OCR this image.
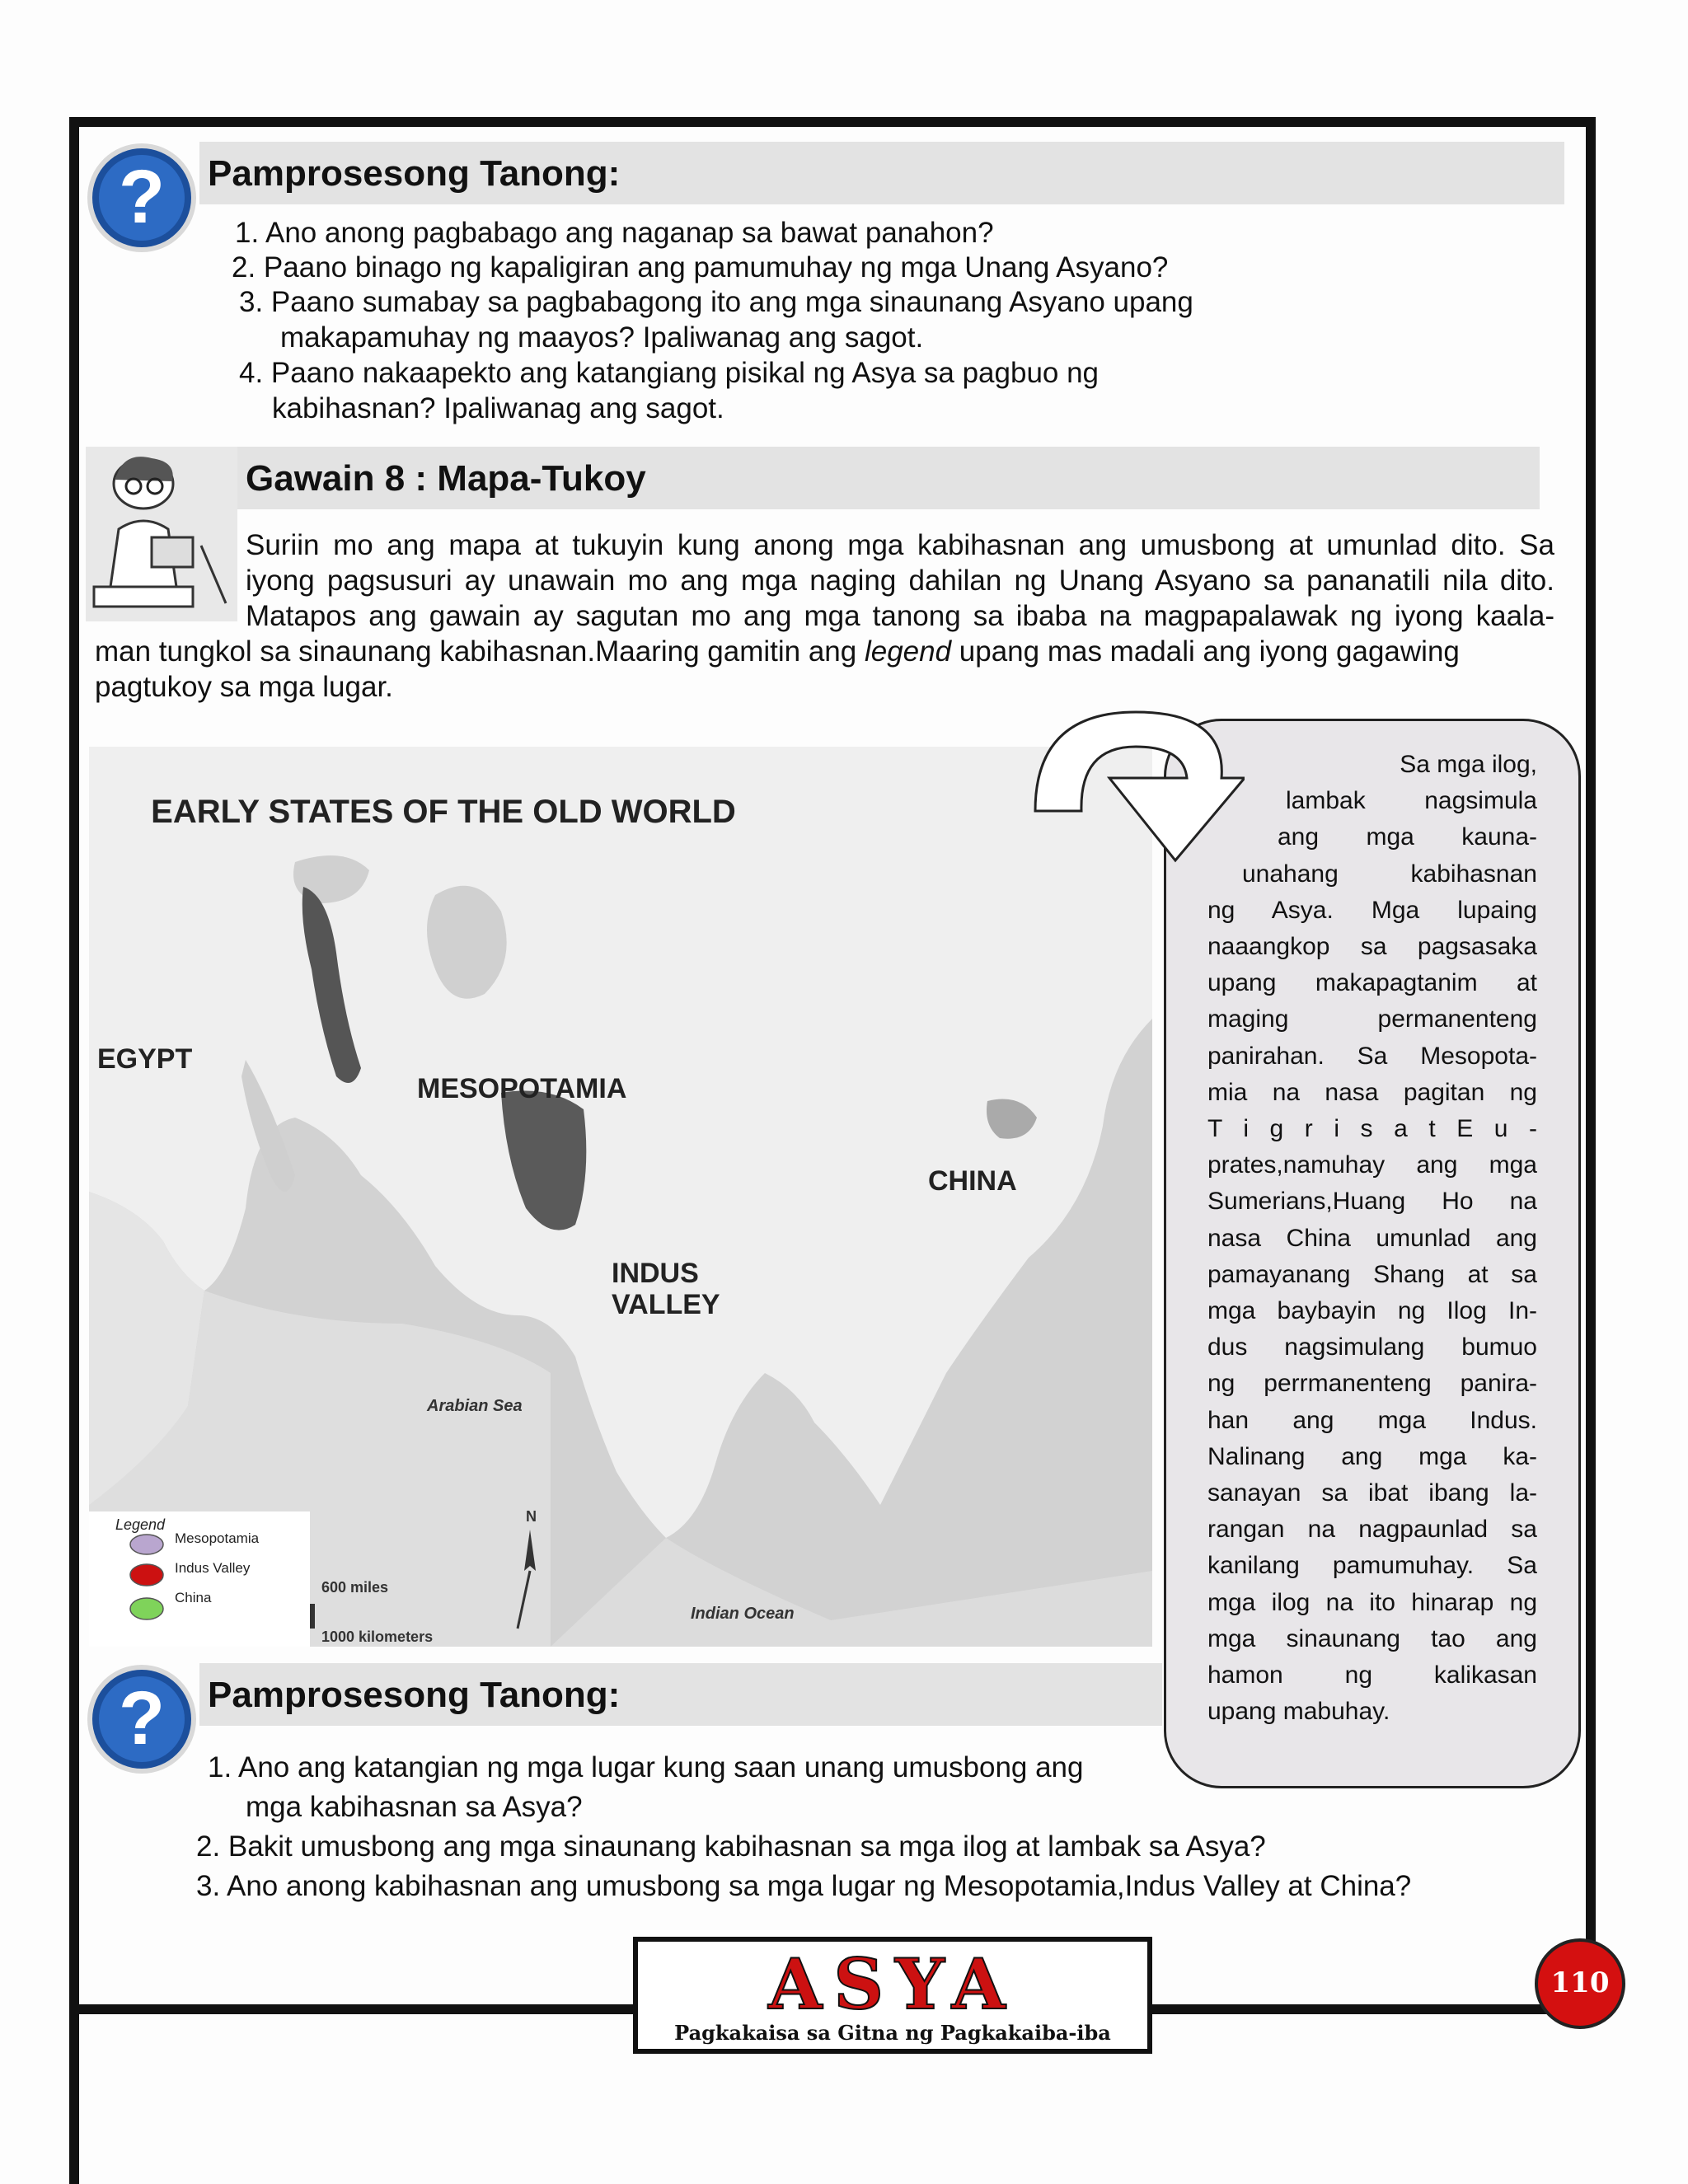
? Pamprosesong Tanong:
1. Ano anong pagbabago ang naganap sa bawat panahon?
2. Paano binago ng kapaligiran ang pamumuhay ng mga Unang Asyano?
3. Paano sumabay sa pagbabagong ito ang mga sinaunang Asyano upang
makapamuhay ng maayos? Ipaliwanag ang sagot.
4. Paano nakaapekto ang katangiang pisikal ng Asya sa pagbuo ng
kabihasnan? Ipaliwanag ang sagot.
Gawain 8 : Mapa-Tukoy
Suriin mo ang mapa at tukuyin kung anong mga kabihasnan ang umusbong at umunlad dito. Sa
iyong pagsusuri ay unawain mo ang mga naging dahilan ng Unang Asyano sa pananatili nila dito.
Matapos ang gawain ay sagutan mo ang mga tanong sa ibaba na magpapalawak ng iyong kaala-
man tungkol sa sinaunang kabihasnan.Maaring gamitin ang legend upang mas madali ang iyong gagawing
pagtukoy sa mga lugar.
EARLY STATES OF THE OLD WORLD
EGYPT
MESOPOTAMIA
CHINA
INDUS
VALLEY
Arabian Sea
Indian Ocean
N
600 miles
1000 kilometers
Legend
Mesopotamia
Indus Valley
China
Sa mga ilog,
lambak nagsimula
ang mga kauna-
unahang kabihasnan
ng Asya. Mga lupaing
naaangkop sa pagsasaka
upang makapagtanim at
maging permanenteng
panirahan. Sa Mesopota-
mia na nasa pagitan ng
T i g r i s a t E u -
prates,namuhay ang mga
Sumerians,Huang Ho na
nasa China umunlad ang
pamayanang Shang at sa
mga baybayin ng Ilog In-
dus nagsimulang bumuo
ng perrmanenteng panira-
han ang mga Indus.
Nalinang ang mga ka-
sanayan sa ibat ibang la-
rangan na nagpaunlad sa
kanilang pamumuhay. Sa
mga ilog na ito hinarap ng
mga sinaunang tao ang
hamon ng kalikasan
upang mabuhay.
? Pamprosesong Tanong:
1. Ano ang katangian ng mga lugar kung saan unang umusbong ang
mga kabihasnan sa Asya?
2. Bakit umusbong ang mga sinaunang kabihasnan sa mga ilog at lambak sa Asya?
3. Ano anong kabihasnan ang umusbong sa mga lugar ng Mesopotamia,Indus Valley at China?
ASYA
Pagkakaisa sa Gitna ng Pagkakaiba-iba
110
